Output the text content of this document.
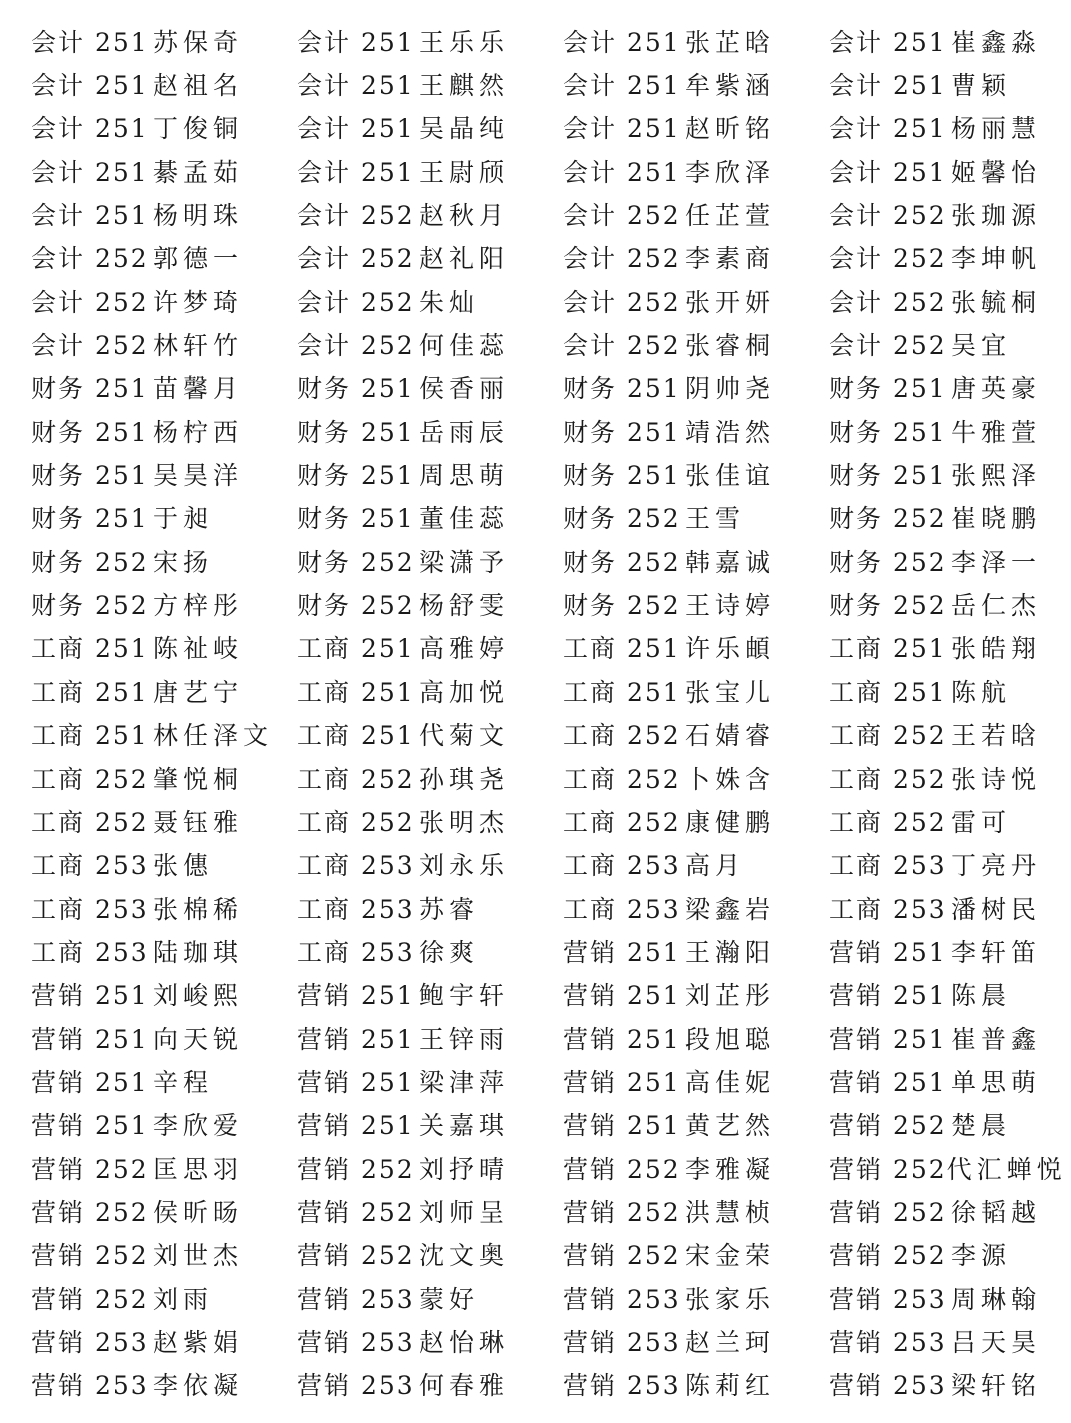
会计 251 苏保奇 会计 251 王乐乐 会计 251 张芷晗 会计 251 崔鑫淼
会计 251 赵祖名 会计 251 王麒然 会计 251 牟紫涵 会计 251 曹颖
会计 251 丁俊铜 会计 251 吴晶纯 会计 251 赵昕铭 会计 251 杨丽慧
会计 251 綦孟茹 会计 251 王尉颀 会计 251 李欣泽 会计 251 姬馨怡
会计 251 杨明珠 会计 252 赵秋月 会计 252 任芷萱 会计 252 张珈源
会计 252 郭德一 会计 252 赵礼阳 会计 252 李素商 会计 252 李坤帆
会计 252 许梦琦 会计 252 朱灿	会计 252 张开妍 会计 252 张毓桐
会计 252 林轩竹 会计 252 何佳蕊 会计 252 张睿桐 会计 252 吴宜
财务 251 苗馨月 财务 251 侯香丽 财务 251 阴帅尧 财务 251 唐英豪
财务 251 杨柠西 财务 251 岳雨辰 财务 251 靖浩然 财务 251 牛雅萱
财务 251 吴昊洋 财务 251 周思萌 财务 251 张佳谊 财务 251 张熙泽
财务 251 于昶	财务 251 董佳蕊 财务 252 王雪	财务 252 崔晓鹏
财务 252 宋扬	财务 252 梁潇予 财务 252 韩嘉诚 财务 252 李泽一
财务 252 方梓彤 财务 252 杨舒雯 财务 252 王诗婷 财务 252 岳仁杰
工商 251 陈祉岐 工商 251 高雅婷 工商 251 许乐頔 工商 251 张皓翔
工商 251 唐艺宁 工商 251 高加悦 工商 251 张宝儿 工商 251 陈航
工商 251 林任泽文 工商 251 代菊文 工商 252 石婧睿 工商 252 王若晗
工商 252 肇悦桐 工商 252 孙琪尧 工商 252 卜姝含 工商 252 张诗悦
工商 252 聂钰雅 工商 252 张明杰 工商 252 康健鹏 工商 252 雷可
工商 253 张僡	工商 253 刘永乐 工商 253 高月	工商 253 丁亮丹
工商 253 张棉稀 工商 253 苏睿	工商 253 梁鑫岩 工商 253 潘树民
工商 253 陆珈琪 工商 253 徐爽	营销 251 王瀚阳 营销 251 李轩笛
营销 251 刘峻熙 营销 251 鲍宇轩 营销 251 刘芷彤 营销 251 陈晨
营销 251 向天锐 营销 251 王锌雨 营销 251 段旭聪 营销 251 崔普鑫
营销 251 辛程	营销 251 梁津萍 营销 251 高佳妮 营销 251 单思萌
营销 251 李欣爱 营销 251 关嘉琪 营销 251 黄艺然 营销 252 楚晨
营销 252 匡思羽 营销 252 刘抒晴 营销 252 李雅凝 营销 252 代汇蝉悦
营销 252 侯昕旸 营销 252 刘师呈 营销 252 洪慧桢 营销 252 徐韬越
营销 252 刘世杰 营销 252 沈文奥 营销 252 宋金荣 营销 252 李源
营销 252 刘雨	营销 253 蒙好	营销 253 张家乐 营销 253 周琳翰
营销 253 赵紫娟 营销 253 赵怡琳 营销 253 赵兰珂 营销 253 吕天昊
营销 253 李依凝 营销 253 何春雅 营销 253 陈莉红 营销 253 梁轩铭
